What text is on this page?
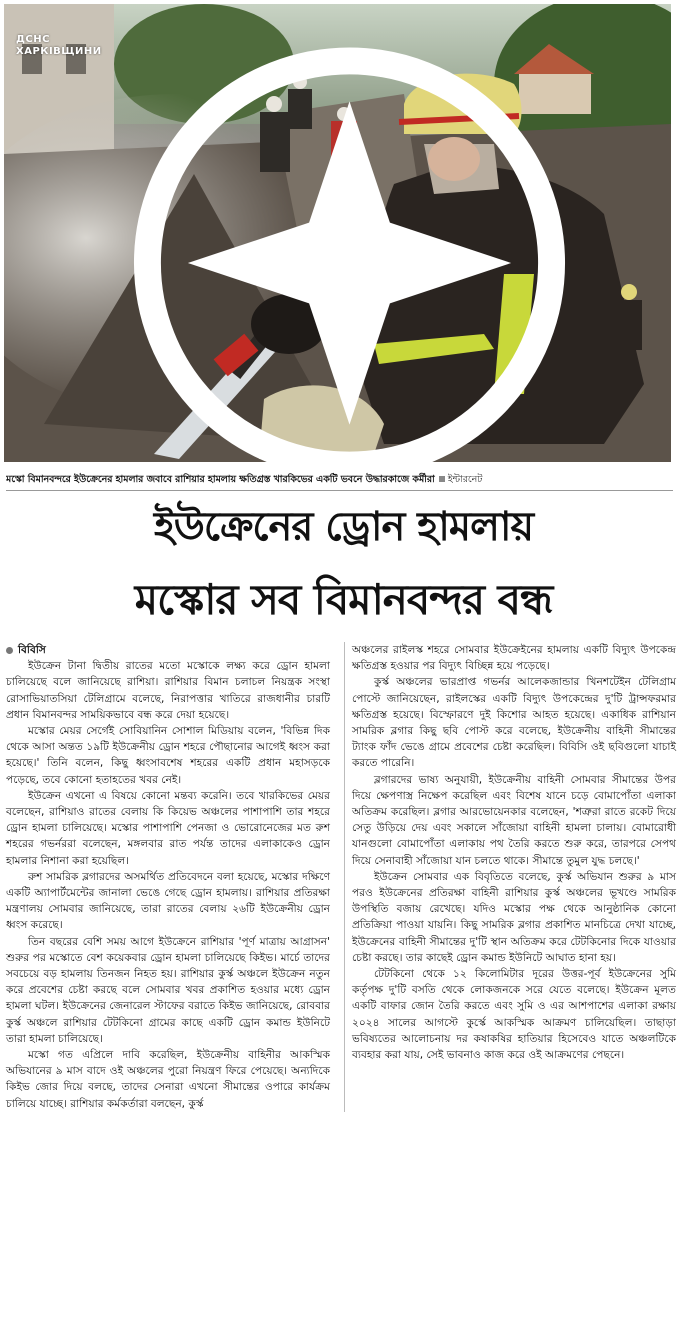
ДСНС
ХАРКІВЩИНИ
মস্কো বিমানবন্দরে ইউক্রেনের হামলার জবাবে রাশিয়ার হামলায় ক্ষতিগ্রস্ত খারকিভের একটি ভবনে উদ্ধারকাজে কর্মীরা ইন্টারনেট
ইউক্রেনের ড্রোন হামলায়
মস্কোর সব বিমানবন্দর বন্ধ
বিবিসি

ইউক্রেন টানা দ্বিতীয় রাতের মতো মস্কোকে লক্ষ্য করে ড্রোন হামলা চালিয়েছে বলে জানিয়েছে রাশিয়া। রাশিয়ার বিমান চলাচল নিয়ন্ত্রক সংস্থা রোসাভিয়াতসিয়া টেলিগ্রামে বলেছে, নিরাপত্তার খাতিরে রাজধানীর চারটি প্রধান বিমানবন্দর সাময়িকভাবে বন্ধ করে দেয়া হয়েছে।

মস্কোর মেয়র সের্গেই সোবিয়ানিন সোশাল মিডিয়ায় বলেন, 'বিভিন্ন দিক থেকে আসা অন্তত ১৯টি ইউক্রেনীয় ড্রোন শহরে পৌছানোর আগেই ধ্বংস করা হয়েছে।' তিনি বলেন, কিছু ধ্বংসাবশেষ শহরের একটি প্রধান মহাসড়কে পড়েছে, তবে কোনো হতাহতের খবর নেই।

ইউক্রেন এখনো এ বিষয়ে কোনো মন্তব্য করেনি। তবে খারকিভের মেয়র বলেছেন, রাশিয়াও রাতের বেলায় কি কিয়েভ অঞ্চলের পাশাপাশি তার শহরে ড্রোন হামলা চালিয়েছে। মস্কোর পাশাপাশি পেনজা ও ভোরোনেজের মত রুশ শহরের গভর্নররা বলেছেন, মঙ্গলবার রাত পর্যন্ত তাদের এলাকাকেও ড্রোন হামলার নিশানা করা হয়েছিল।

রুশ সামরিক ব্লগারদের অসমর্থিত প্রতিবেদনে বলা হয়েছে, মস্কোর দক্ষিণে একটি অ্যাপার্টমেন্টের জানালা ভেঙে গেছে ড্রোন হামলায়। রাশিয়ার প্রতিরক্ষা মন্ত্রণালয় সোমবার জানিয়েছে, তারা রাতের বেলায় ২৬টি ইউক্রেনীয় ড্রোন ধ্বংস করেছে।

তিন বছরের বেশি সময় আগে ইউক্রেনে রাশিয়ার 'পূর্ণ মাত্রায় আগ্রাসন' শুরুর পর মস্কোতে বেশ কয়েকবার ড্রোন হামলা চালিয়েছে কিইভ। মার্চে তাদের সবচেয়ে বড় হামলায় তিনজন নিহত হয়। রাশিয়ার কুর্স্ক অঞ্চলে ইউক্রেন নতুন করে প্রবেশের চেষ্টা করছে বলে সোমবার খবর প্রকাশিত হওয়ার মধ্যে ড্রোন হামলা ঘটল। ইউক্রেনের জেনারেল স্টাফের বরাতে কিইভ জানিয়েছে, রোববার কুর্স্ক অঞ্চলে রাশিয়ার টেটকিনো গ্রামের কাছে একটি ড্রোন কমান্ড ইউনিটে তারা হামলা চালিয়েছে।

মস্কো গত এপ্রিলে দাবি করেছিল, ইউক্রেনীয় বাহিনীর আকস্মিক অভিযানের ৯ মাস বাদে ওই অঞ্চলের পুরো নিয়ন্ত্রণ ফিরে পেয়েছে। অন্যদিকে কিইভ জোর দিয়ে বলছে, তাদের সেনারা এখনো সীমান্তের ওপারে কার্যক্রম চালিয়ে যাচ্ছে। রাশিয়ার কর্মকর্তারা বলছেন, কুর্স্ক

অঞ্চলের রাইলস্ক শহরে সোমবার ইউক্রেইনের হামলায় একটি বিদ্যুৎ উপকেন্দ্র ক্ষতিগ্রস্ত হওয়ার পর বিদ্যুৎ বিচ্ছিন্ন হয়ে পড়েছে।

কুর্স্ক অঞ্চলের ভারপ্রাপ্ত গভর্নর আলেকজান্ডার খিনশটেইন টেলিগ্রাম পোস্টে জানিয়েছেন, রাইলস্কের একটি বিদ্যুৎ উপকেন্দ্রের দু'টি ট্রান্সফরমার ক্ষতিগ্রস্ত হয়েছে। বিস্ফোরণে দুই কিশোর আহত হয়েছে। একাধিক রাশিয়ান সামরিক ব্লগার কিছু ছবি পোস্ট করে বলেছে, ইউক্রেনীয় বাহিনী সীমান্তের ট্যাংক ফাঁদ ভেঙে গ্রামে প্রবেশের চেষ্টা করেছিল। বিবিসি ওই ছবিগুলো যাচাই করতে পারেনি।

ব্লগারদের ভাষ্য অনুযায়ী, ইউক্রেনীয় বাহিনী সোমবার সীমান্তের উপর দিয়ে ক্ষেপণাস্ত্র নিক্ষেপ করেছিল এবং বিশেষ যানে চড়ে বোমাপোঁতা এলাকা অতিক্রম করেছিল। ব্লগার আরভোয়েনকার বলেছেন, 'শত্রুরা রাতে রকেট দিয়ে সেতু উড়িয়ে দেয় এবং সকালে সাঁজোয়া বাহিনী হামলা চালায়। বোমারোধী যানগুলো বোমাপোঁতা এলাকায় পথ তৈরি করতে শুরু করে, তারপরে সেপথ দিয়ে সেনাবাহী সাঁজোয়া যান চলতে থাকে। সীমান্তে তুমুল যুদ্ধ চলছে।'

ইউক্রেন সোমবার এক বিবৃতিতে বলেছে, কুর্স্ক অভিযান শুরুর ৯ মাস পরও ইউক্রেনের প্রতিরক্ষা বাহিনী রাশিয়ার কুর্স্ক অঞ্চলের ভূখণ্ডে সামরিক উপস্থিতি বজায় রেখেছে। যদিও মস্কোর পক্ষ থেকে আনুষ্ঠানিক কোনো প্রতিক্রিয়া পাওয়া যায়নি। কিছু সামরিক ব্লগার প্রকাশিত মানচিত্রে দেখা যাচ্ছে, ইউক্রেনের বাহিনী সীমান্তের দু'টি স্থান অতিক্রম করে টেটকিনোর দিকে যাওয়ার চেষ্টা করছে। তার কাছেই ড্রোন কমান্ড ইউনিটে আঘাত হানা হয়।

টেটকিনো থেকে ১২ কিলোমিটার দূরের উত্তর-পূর্ব ইউক্রেনের সুমি কর্তৃপক্ষ দু'টি বসতি থেকে লোকজনকে সরে যেতে বলেছে। ইউক্রেন মূলত একটি বাফার জোন তৈরি করতে এবং সুমি ও এর আশপাশের এলাকা রক্ষায় ২০২৪ সালের আগস্টে কুর্স্কে আকস্মিক আক্রমণ চালিয়েছিল। তাছাড়া ভবিষ্যতের আলোচনায় দর কষাকষির হাতিয়ার হিসেবেও যাতে অঞ্চলটিকে ব্যবহার করা যায়, সেই ভাবনাও কাজ করে ওই আক্রমণের পেছনে।
